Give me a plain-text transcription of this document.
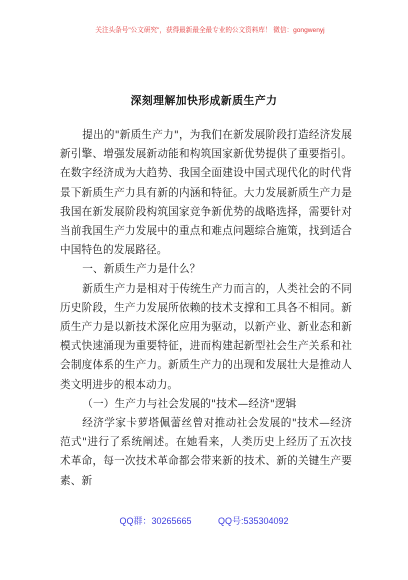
关注头条号"公文研究"，获得最新最全最专业的公文资料库！ 微信：gongwenyj
深刻理解加快形成新质生产力

提出的"新质生产力"，为我们在新发展阶段打造经济发展新引擎、增强发展新动能和构筑国家新优势提供了重要指引。在数字经济成为大趋势、我国全面建设中国式现代化的时代背景下新质生产力具有新的内涵和特征。大力发展新质生产力是我国在新发展阶段构筑国家竞争新优势的战略选择，需要针对当前我国生产力发展中的重点和难点问题综合施策，找到适合中国特色的发展路径。

一、新质生产力是什么？

新质生产力是相对于传统生产力而言的，人类社会的不同历史阶段，生产力发展所依赖的技术支撑和工具各不相同。新质生产力是以新技术深化应用为驱动，以新产业、新业态和新模式快速涌现为重要特征，进而构建起新型社会生产关系和社会制度体系的生产力。新质生产力的出现和发展壮大是推动人类文明进步的根本动力。

（一）生产力与社会发展的"技术—经济"逻辑

经济学家卡萝塔佩蕾丝曾对推动社会发展的"技术—经济范式"进行了系统阐述。在她看来，人类历史上经历了五次技术革命，每一次技术革命都会带来新的技术、新的关键生产要素、新

QQ群：30265665	QQ号:535304092
